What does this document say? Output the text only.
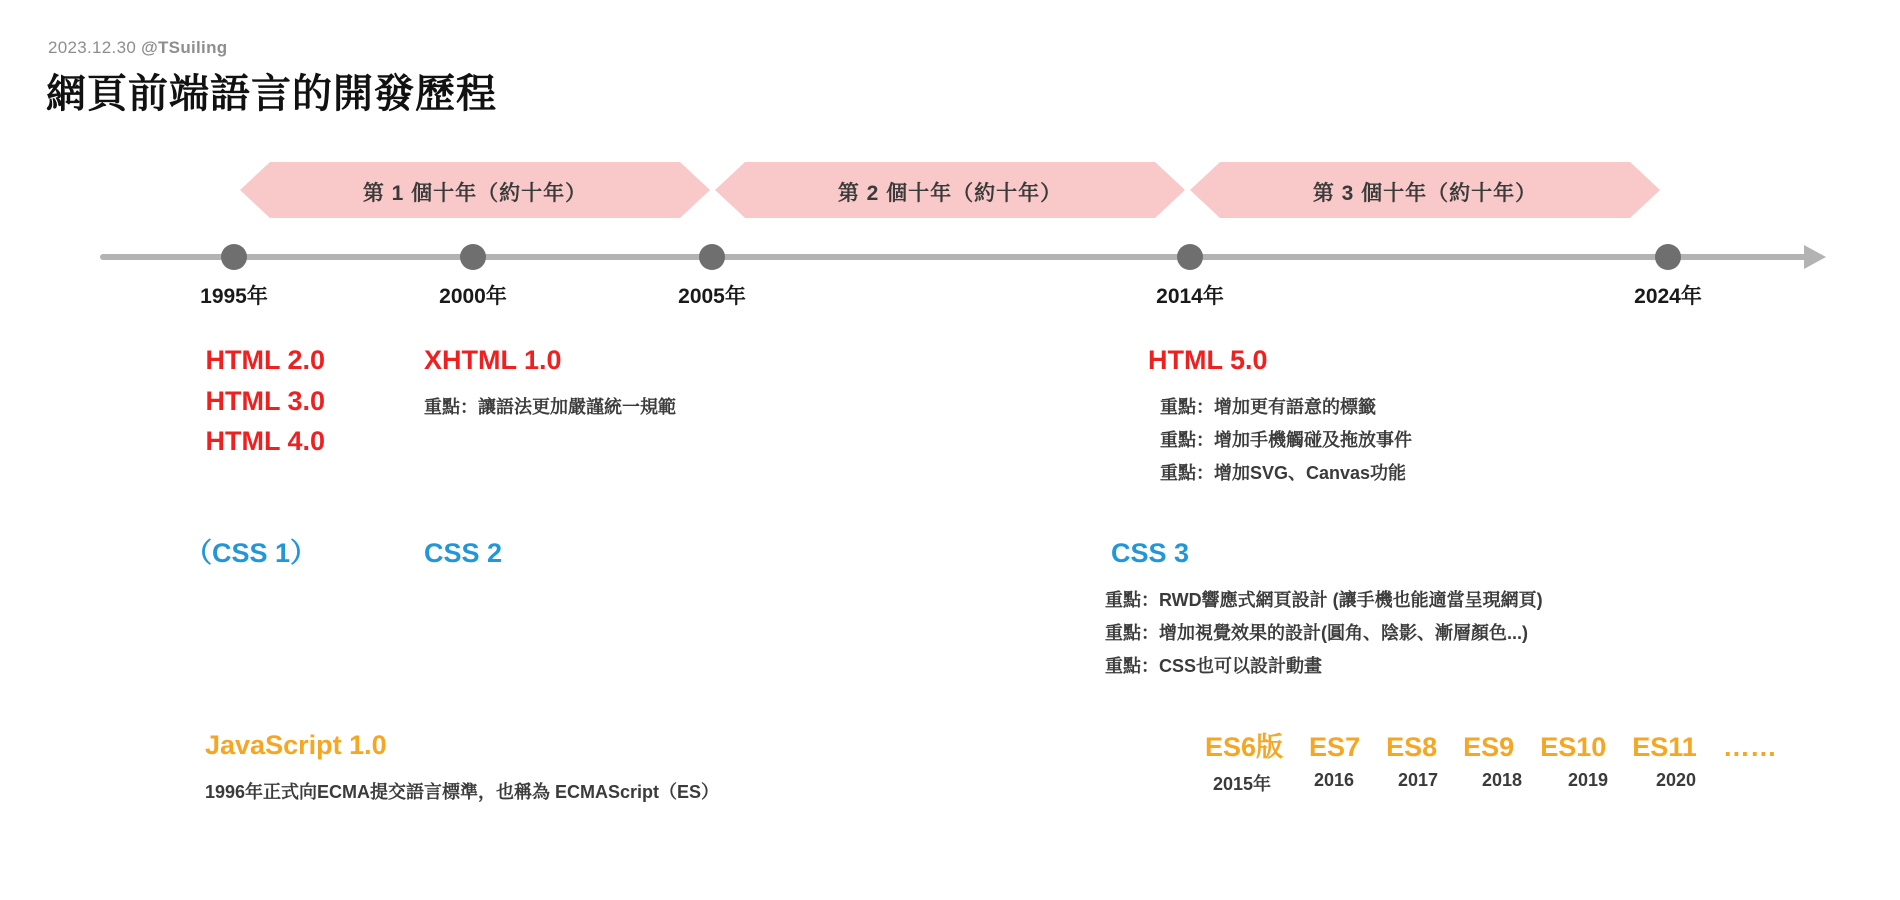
2023.12.30 @TSuiling
網頁前端語言的開發歷程
第 1 個十年（約十年）	第 2 個十年（約十年）	第 3 個十年（約十年）
1995年	2000年	2005年	2014年	2024年
HTML 2.0
HTML 3.0
HTML 4.0
XHTML 1.0
重點：讓語法更加嚴謹統一規範
HTML 5.0
重點：增加更有語意的標籤
重點：增加手機觸碰及拖放事件
重點：增加SVG、Canvas功能
（CSS 1）	CSS 2	CSS 3
重點：RWD響應式網頁設計 (讓手機也能適當呈現網頁)
重點：增加視覺效果的設計(圓角、陰影、漸層顏色...)
重點：CSS也可以設計動畫
JavaScript 1.0
1996年正式向ECMA提交語言標準，也稱為 ECMAScript（ES）
ES6版 ES7 ES8 ES9 ES10 ES11 ……
2015年	2016	2017	2018	2019	2020
